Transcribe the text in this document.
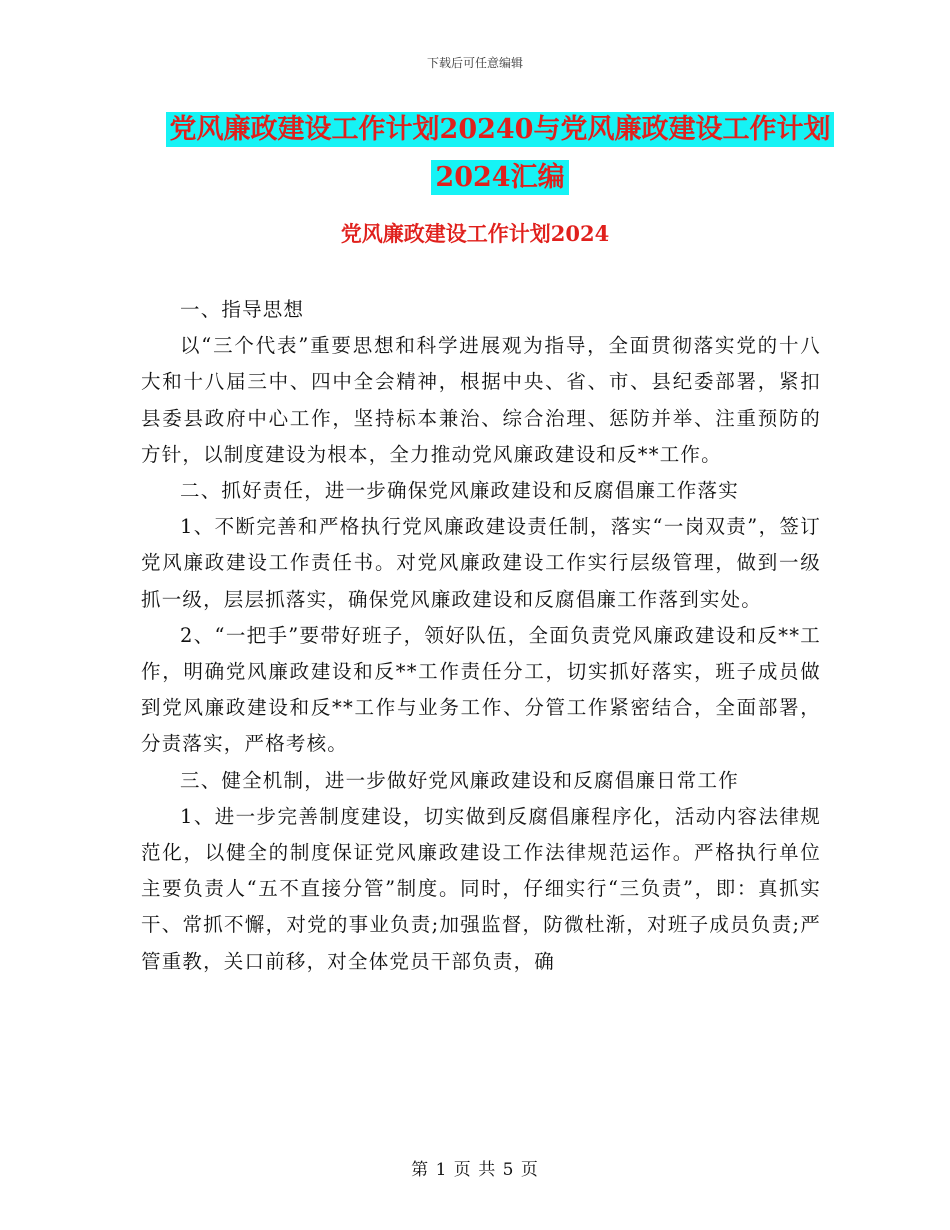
下载后可任意编辑
党风廉政建设工作计划20240与党风廉政建设工作计划2024汇编
党风廉政建设工作计划2024

一、指导思想

以“三个代表”重要思想和科学进展观为指导，全面贯彻落实党的十八大和十八届三中、四中全会精神，根据中央、省、市、县纪委部署，紧扣县委县政府中心工作，坚持标本兼治、综合治理、惩防并举、注重预防的方针，以制度建设为根本，全力推动党风廉政建设和反**工作。

二、抓好责任，进一步确保党风廉政建设和反腐倡廉工作落实

1、不断完善和严格执行党风廉政建设责任制，落实“一岗双责”，签订党风廉政建设工作责任书。对党风廉政建设工作实行层级管理，做到一级抓一级，层层抓落实，确保党风廉政建设和反腐倡廉工作落到实处。

2、“一把手”要带好班子，领好队伍，全面负责党风廉政建设和反**工作，明确党风廉政建设和反**工作责任分工，切实抓好落实，班子成员做到党风廉政建设和反**工作与业务工作、分管工作紧密结合，全面部署，分责落实，严格考核。

三、健全机制，进一步做好党风廉政建设和反腐倡廉日常工作

1、进一步完善制度建设，切实做到反腐倡廉程序化，活动内容法律规范化，以健全的制度保证党风廉政建设工作法律规范运作。严格执行单位主要负责人“五不直接分管”制度。同时，仔细实行“三负责”，即：真抓实干、常抓不懈，对党的事业负责;加强监督，防微杜渐，对班子成员负责;严管重教，关口前移，对全体党员干部负责，确

第 1 页 共 5 页
